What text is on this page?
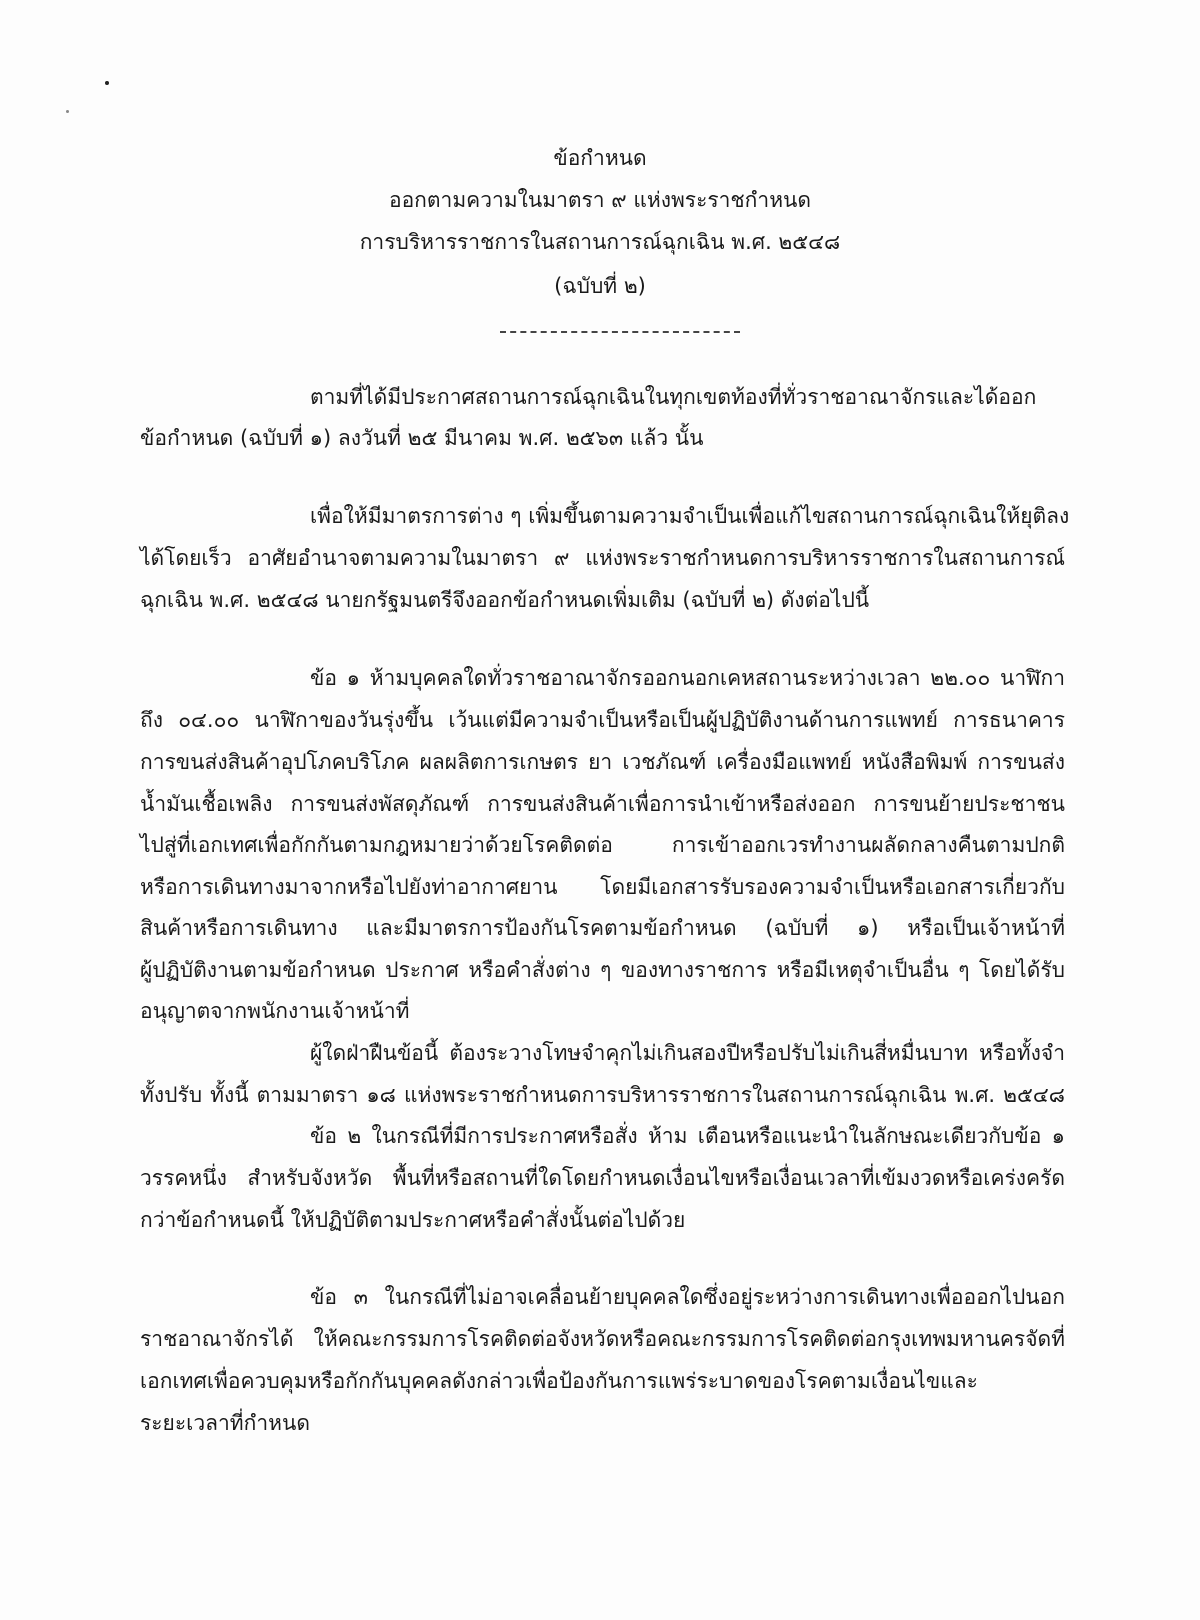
ข้อกำหนด
ออกตามความในมาตรา ๙ แห่งพระราชกำหนด
การบริหารราชการในสถานการณ์ฉุกเฉิน พ.ศ. ๒๕๔๘
(ฉบับที่ ๒)
ตามที่ได้มีประกาศสถานการณ์ฉุกเฉินในทุกเขตท้องที่ทั่วราชอาณาจักรและได้ออก
ข้อกำหนด (ฉบับที่ ๑) ลงวันที่ ๒๕ มีนาคม พ.ศ. ๒๕๖๓ แล้ว นั้น
เพื่อให้มีมาตรการต่าง ๆ เพิ่มขึ้นตามความจำเป็นเพื่อแก้ไขสถานการณ์ฉุกเฉินให้ยุติลง
ได้โดยเร็ว อาศัยอำนาจตามความในมาตรา ๙ แห่งพระราชกำหนดการบริหารราชการในสถานการณ์
ฉุกเฉิน พ.ศ. ๒๕๔๘ นายกรัฐมนตรีจึงออกข้อกำหนดเพิ่มเติม (ฉบับที่ ๒) ดังต่อไปนี้
ข้อ ๑ ห้ามบุคคลใดทั่วราชอาณาจักรออกนอกเคหสถานระหว่างเวลา ๒๒.๐๐ นาฬิกา
ถึง ๐๔.๐๐ นาฬิกาของวันรุ่งขึ้น เว้นแต่มีความจำเป็นหรือเป็นผู้ปฏิบัติงานด้านการแพทย์ การธนาคาร
การขนส่งสินค้าอุปโภคบริโภค ผลผลิตการเกษตร ยา เวชภัณฑ์ เครื่องมือแพทย์ หนังสือพิมพ์ การขนส่ง
น้ำมันเชื้อเพลิง การขนส่งพัสดุภัณฑ์ การขนส่งสินค้าเพื่อการนำเข้าหรือส่งออก การขนย้ายประชาชน
ไปสู่ที่เอกเทศเพื่อกักกันตามกฎหมายว่าด้วยโรคติดต่อ การเข้าออกเวรทำงานผลัดกลางคืนตามปกติ
หรือการเดินทางมาจากหรือไปยังท่าอากาศยาน โดยมีเอกสารรับรองความจำเป็นหรือเอกสารเกี่ยวกับ
สินค้าหรือการเดินทาง และมีมาตรการป้องกันโรคตามข้อกำหนด (ฉบับที่ ๑) หรือเป็นเจ้าหน้าที่
ผู้ปฏิบัติงานตามข้อกำหนด ประกาศ หรือคำสั่งต่าง ๆ ของทางราชการ หรือมีเหตุจำเป็นอื่น ๆ โดยได้รับ
อนุญาตจากพนักงานเจ้าหน้าที่
ผู้ใดฝ่าฝืนข้อนี้ ต้องระวางโทษจำคุกไม่เกินสองปีหรือปรับไม่เกินสี่หมื่นบาท หรือทั้งจำ
ทั้งปรับ ทั้งนี้ ตามมาตรา ๑๘ แห่งพระราชกำหนดการบริหารราชการในสถานการณ์ฉุกเฉิน พ.ศ. ๒๕๔๘
ข้อ ๒ ในกรณีที่มีการประกาศหรือสั่ง ห้าม เตือนหรือแนะนำในลักษณะเดียวกับข้อ ๑
วรรคหนึ่ง สำหรับจังหวัด พื้นที่หรือสถานที่ใดโดยกำหนดเงื่อนไขหรือเงื่อนเวลาที่เข้มงวดหรือเคร่งครัด
กว่าข้อกำหนดนี้ ให้ปฏิบัติตามประกาศหรือคำสั่งนั้นต่อไปด้วย
ข้อ ๓ ในกรณีที่ไม่อาจเคลื่อนย้ายบุคคลใดซึ่งอยู่ระหว่างการเดินทางเพื่อออกไปนอก
ราชอาณาจักรได้ ให้คณะกรรมการโรคติดต่อจังหวัดหรือคณะกรรมการโรคติดต่อกรุงเทพมหานครจัดที่
เอกเทศเพื่อควบคุมหรือกักกันบุคคลดังกล่าวเพื่อป้องกันการแพร่ระบาดของโรคตามเงื่อนไขและ
ระยะเวลาที่กำหนด
